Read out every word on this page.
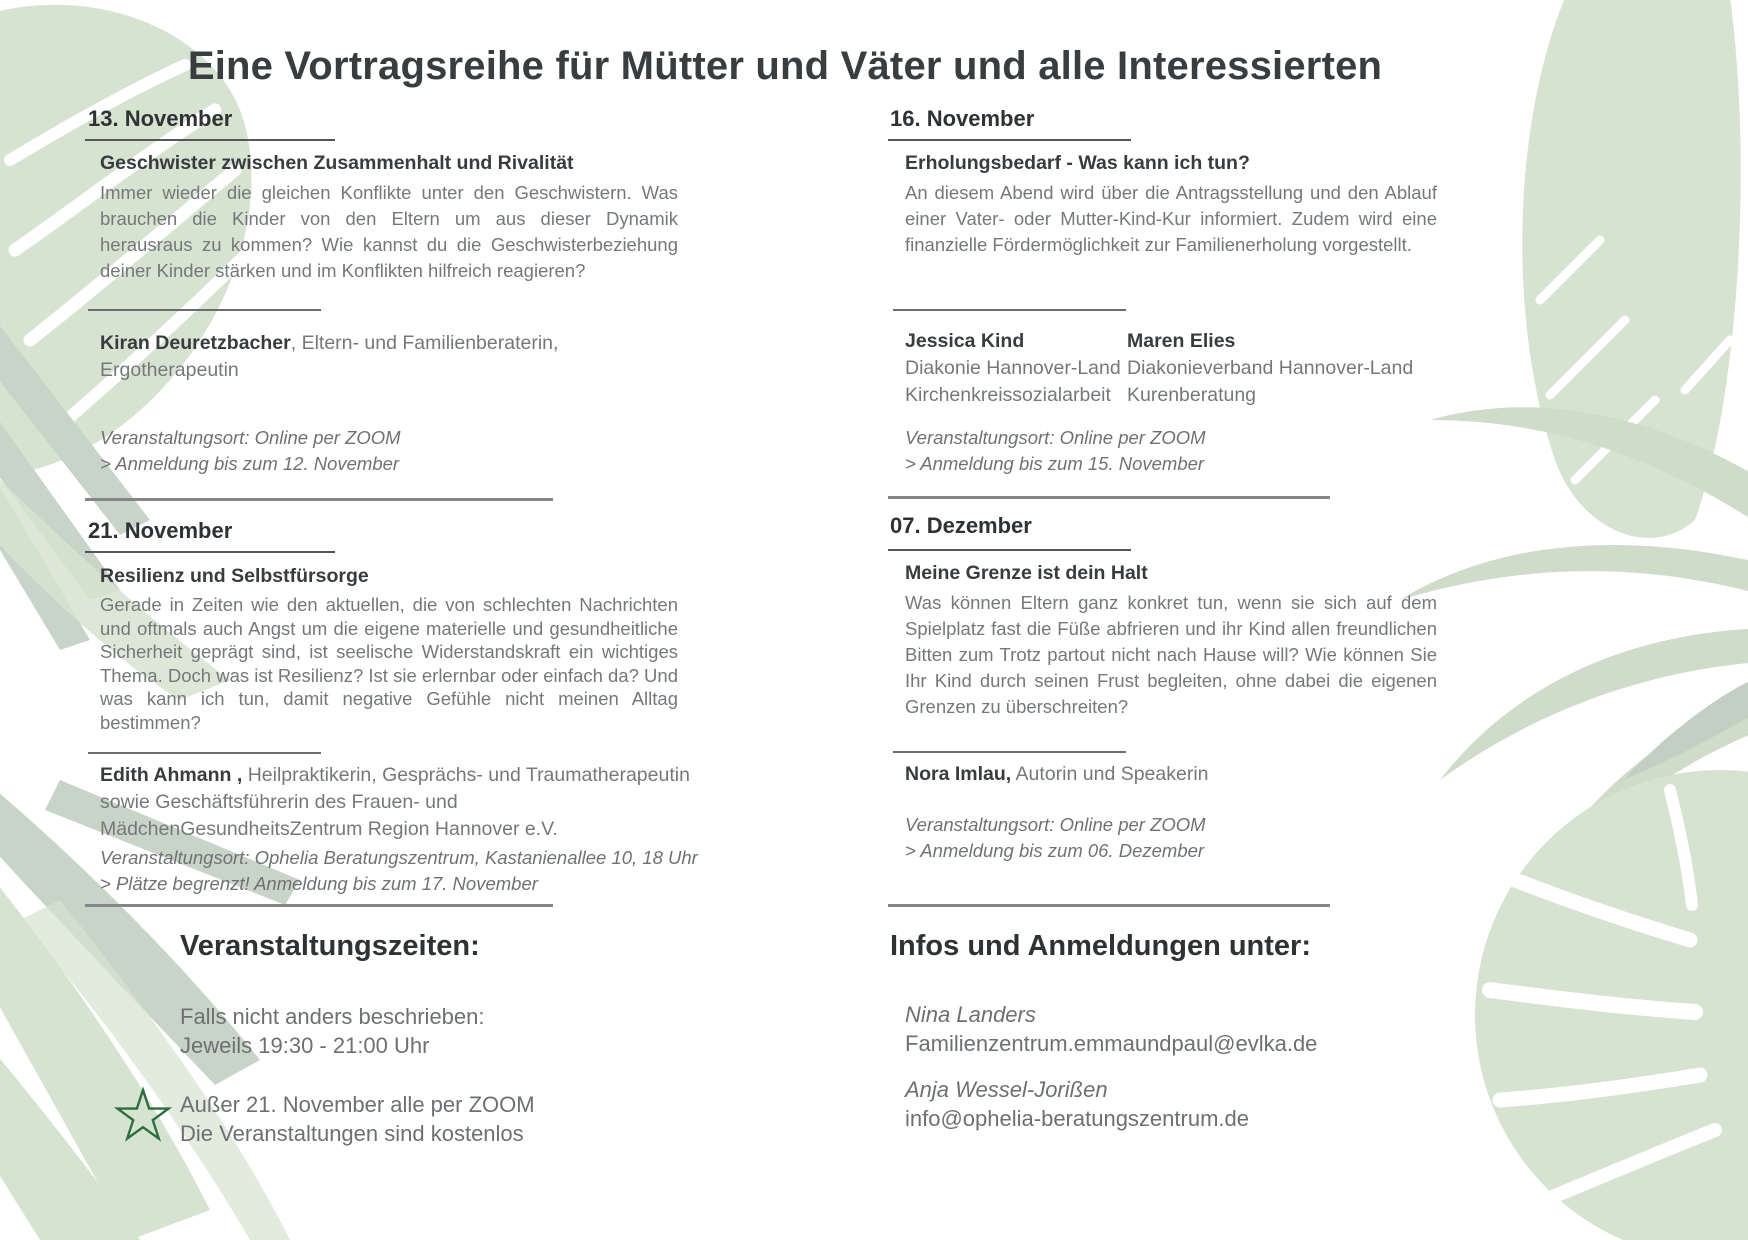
Eine Vortragsreihe für Mütter und Väter und alle Interessierten
13. November
Geschwister zwischen Zusammenhalt und Rivalität
Immer wieder die gleichen Konflikte unter den Geschwistern. Was brauchen die Kinder von den Eltern um aus dieser Dynamik herausraus zu kommen? Wie kannst du die Geschwisterbeziehung deiner Kinder stärken und im Konflikten hilfreich reagieren?
Kiran Deuretzbacher, Eltern- und Familienberaterin,
Ergotherapeutin
Veranstaltungsort: Online per ZOOM
> Anmeldung bis zum 12. November
21. November
Resilienz und Selbstfürsorge
Gerade in Zeiten wie den aktuellen, die von schlechten Nachrichten und oftmals auch Angst um die eigene materielle und gesundheitliche Sicherheit geprägt sind, ist seelische Widerstandskraft ein wichtiges Thema. Doch was ist Resilienz? Ist sie erlernbar oder einfach da? Und was kann ich tun, damit negative Gefühle nicht meinen Alltag bestimmen?
Edith Ahmann , Heilpraktikerin, Gesprächs- und Traumatherapeutin
sowie Geschäftsführerin des Frauen- und
MädchenGesundheitsZentrum Region Hannover e.V.
Veranstaltungsort: Ophelia Beratungszentrum, Kastanienallee 10, 18 Uhr
> Plätze begrenzt! Anmeldung bis zum 17. November
16. November
Erholungsbedarf - Was kann ich tun?
An diesem Abend wird über die Antragsstellung und den Ablauf einer Vater- oder Mutter-Kind-Kur informiert. Zudem wird eine finanzielle Fördermöglichkeit zur Familienerholung vorgestellt.
Jessica Kind
Diakonie Hannover-Land
Kirchenkreissozialarbeit
Maren Elies
Diakonieverband Hannover-Land
Kurenberatung
Veranstaltungsort: Online per ZOOM
> Anmeldung bis zum 15. November
07. Dezember
Meine Grenze ist dein Halt
Was können Eltern ganz konkret tun, wenn sie sich auf dem Spielplatz fast die Füße abfrieren und ihr Kind allen freundlichen Bitten zum Trotz partout nicht nach Hause will? Wie können Sie Ihr Kind durch seinen Frust begleiten, ohne dabei die eigenen Grenzen zu überschreiten?
Nora Imlau, Autorin und Speakerin
Veranstaltungsort: Online per ZOOM
> Anmeldung bis zum 06. Dezember
Veranstaltungszeiten:
Falls nicht anders beschrieben:
Jeweils 19:30 - 21:00 Uhr
Außer 21. November alle per ZOOM
Die Veranstaltungen sind kostenlos
Infos und Anmeldungen unter:
Nina Landers
Familienzentrum.emmaundpaul@evlka.de
Anja Wessel-Jorißen
info@ophelia-beratungszentrum.de
